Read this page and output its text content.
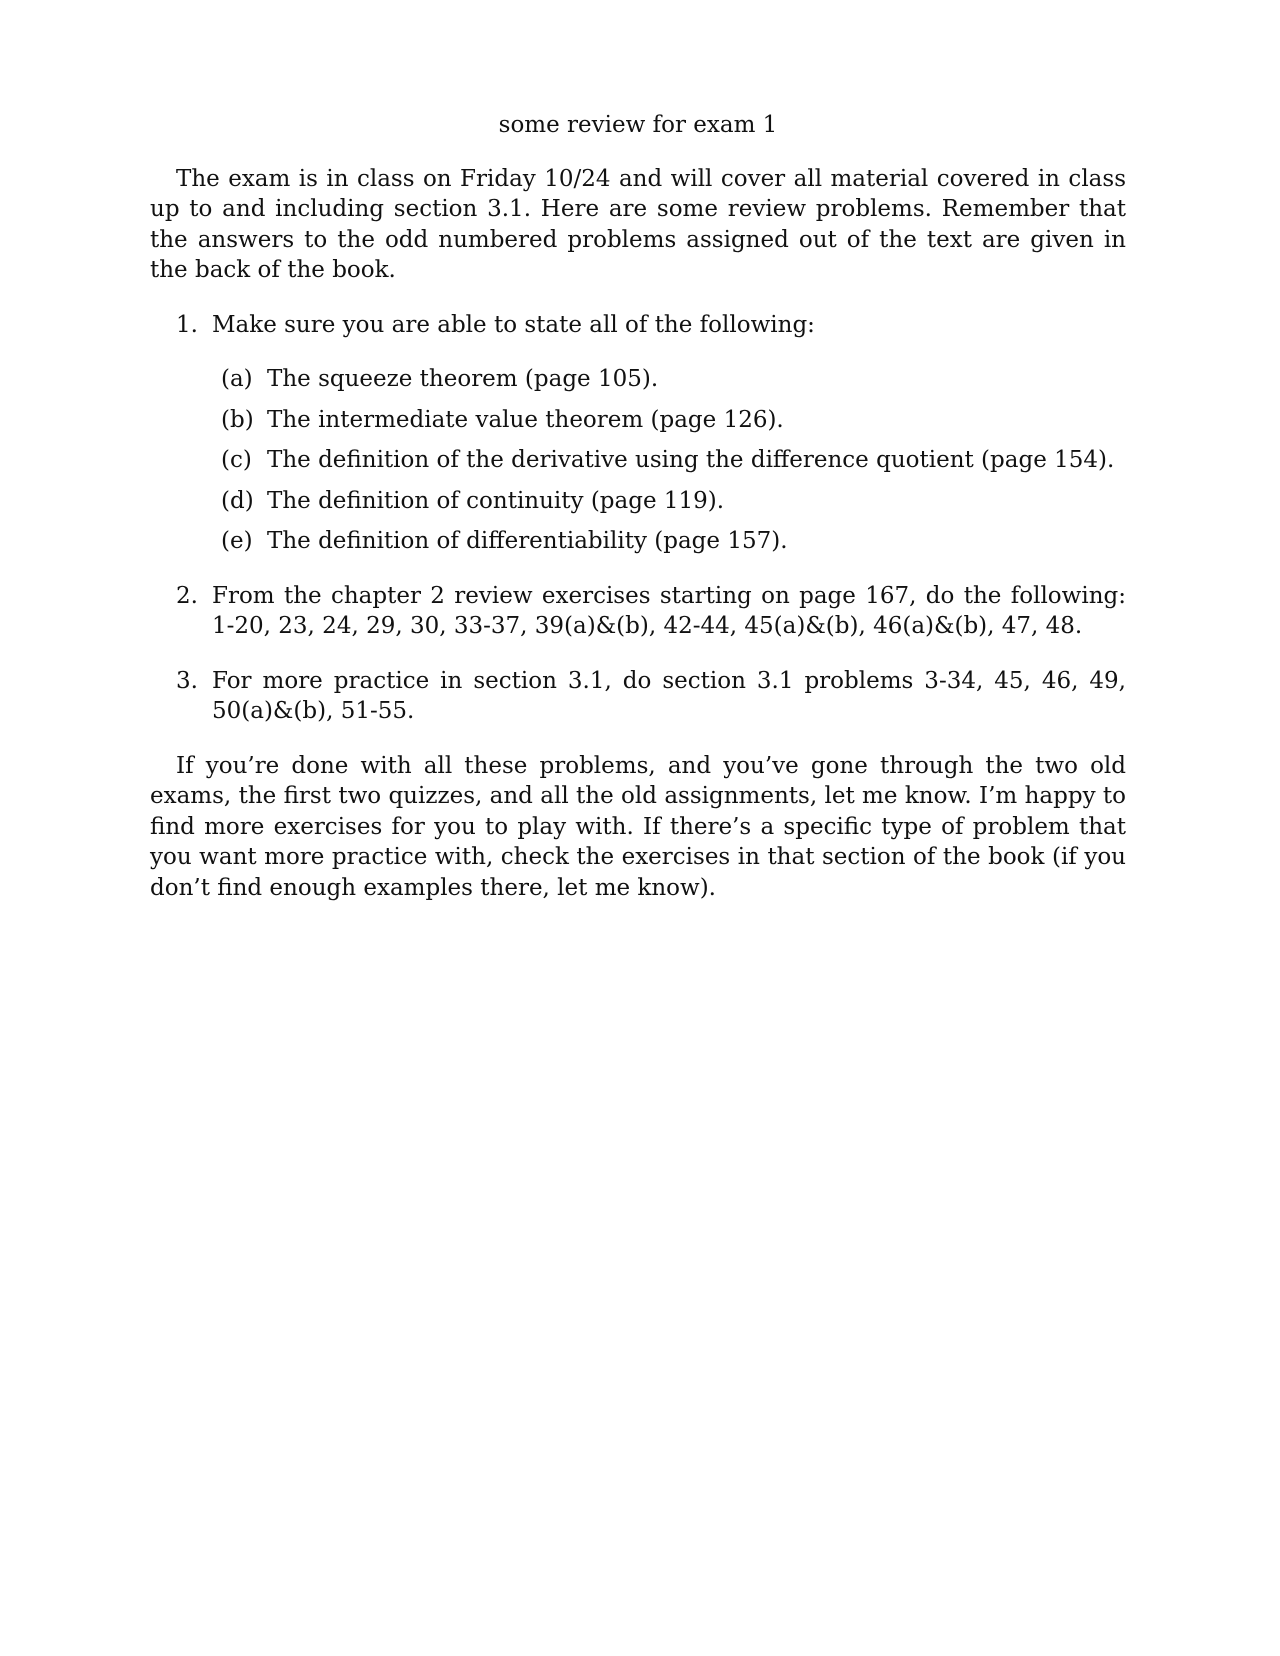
some review for exam 1

The exam is in class on Friday 10/24 and will cover all material covered in class up to and including section 3.1. Here are some review problems. Remember that the answers to the odd numbered problems assigned out of the text are given in the back of the book.

1. Make sure you are able to state all of the following:
(a) The squeeze theorem (page 105).
(b) The intermediate value theorem (page 126).
(c) The definition of the derivative using the difference quotient (page 154).
(d) The definition of continuity (page 119).
(e) The definition of differentiability (page 157).
2. From the chapter 2 review exercises starting on page 167, do the following: 1-20, 23, 24, 29, 30, 33-37, 39(a)&(b), 42-44, 45(a)&(b), 46(a)&(b), 47, 48.
3. For more practice in section 3.1, do section 3.1 problems 3-34, 45, 46, 49, 50(a)&(b), 51-55.

If you’re done with all these problems, and you’ve gone through the two old exams, the first two quizzes, and all the old assignments, let me know. I’m happy to find more exercises for you to play with. If there’s a specific type of problem that you want more practice with, check the exercises in that section of the book (if you don’t find enough examples there, let me know).
